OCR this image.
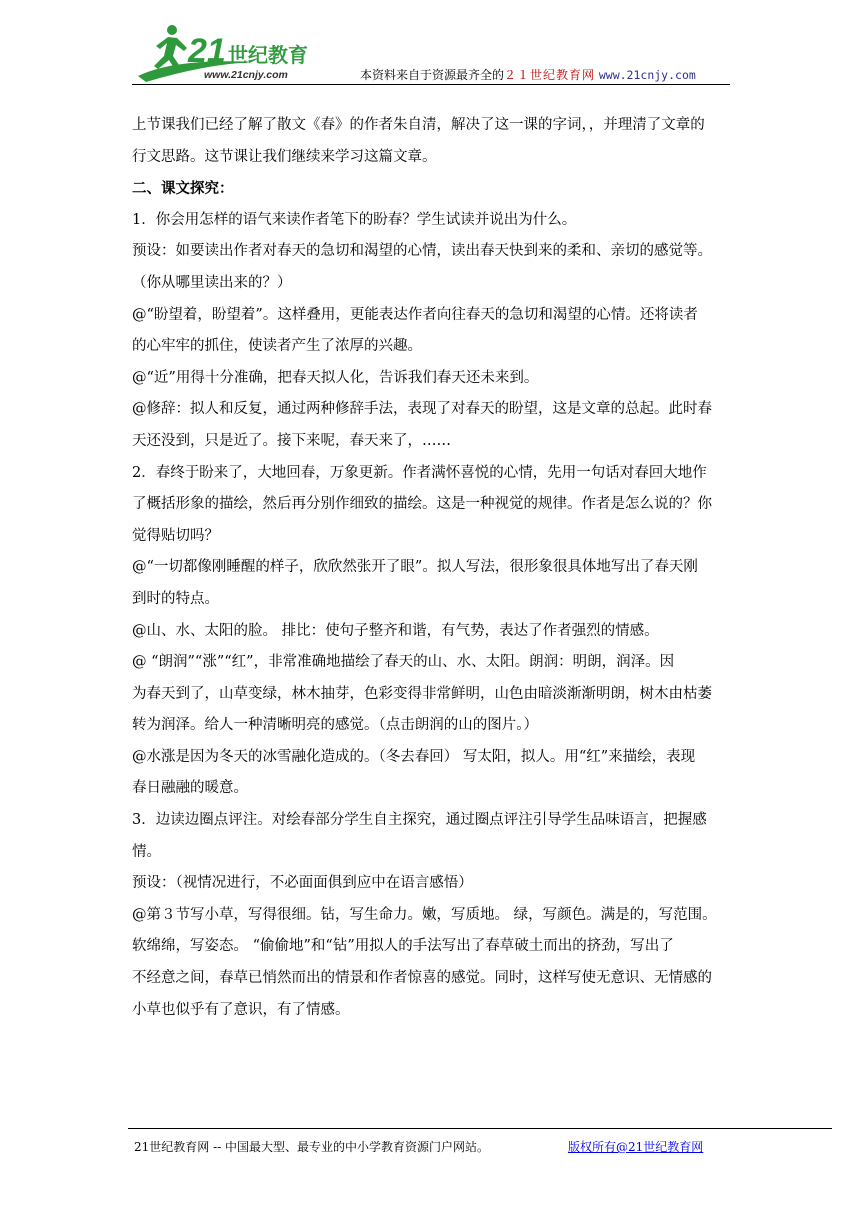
21 世纪教育
www.21cnjy.com	本资料来自于资源最齐全的２１世纪教育网 www.21cnjy.com
上节课我们已经了解了散文《春》的作者朱自清，解决了这一课的字词，，并理清了文章的
行文思路。这节课让我们继续来学习这篇文章。
二、课文探究：
1．你会用怎样的语气来读作者笔下的盼春？学生试读并说出为什么。
预设：如要读出作者对春天的急切和渴望的心情，读出春天快到来的柔和、亲切的感觉等。
（你从哪里读出来的？）
@“盼望着，盼望着”。这样叠用，更能表达作者向往春天的急切和渴望的心情。还将读者
的心牢牢的抓住，使读者产生了浓厚的兴趣。
@“近”用得十分准确，把春天拟人化，告诉我们春天还未来到。
@修辞：拟人和反复，通过两种修辞手法，表现了对春天的盼望，这是文章的总起。此时春
天还没到，只是近了。接下来呢，春天来了，……
2．春终于盼来了，大地回春，万象更新。作者满怀喜悦的心情，先用一句话对春回大地作
了概括形象的描绘，然后再分别作细致的描绘。这是一种视觉的规律。作者是怎么说的？你
觉得贴切吗？
@“一切都像刚睡醒的样子，欣欣然张开了眼”。拟人写法，很形象很具体地写出了春天刚
到时的特点。
@山、水、太阳的脸。 排比：使句子整齐和谐，有气势，表达了作者强烈的情感。
@ “朗润”“涨”“红”，非常准确地描绘了春天的山、水、太阳。朗润：明朗，润泽。因
为春天到了，山草变绿，林木抽芽，色彩变得非常鲜明，山色由暗淡渐渐明朗，树木由枯萎
转为润泽。给人一种清晰明亮的感觉。（点击朗润的山的图片。）
@水涨是因为冬天的冰雪融化造成的。（冬去春回） 写太阳，拟人。用“红”来描绘，表现
春日融融的暖意。
3．边读边圈点评注。对绘春部分学生自主探究，通过圈点评注引导学生品味语言，把握感
情。
预设：（视情况进行，不必面面俱到应中在语言感悟）
@第３节写小草，写得很细。钻，写生命力。嫩，写质地。 绿，写颜色。满是的，写范围。
软绵绵，写姿态。 “偷偷地”和“钻”用拟人的手法写出了春草破土而出的挤劲，写出了
不经意之间，春草已悄然而出的情景和作者惊喜的感觉。同时，这样写使无意识、无情感的
小草也似乎有了意识，有了情感。
21世纪教育网 -- 中国最大型、最专业的中小学教育资源门户网站。	版权所有@21世纪教育网
